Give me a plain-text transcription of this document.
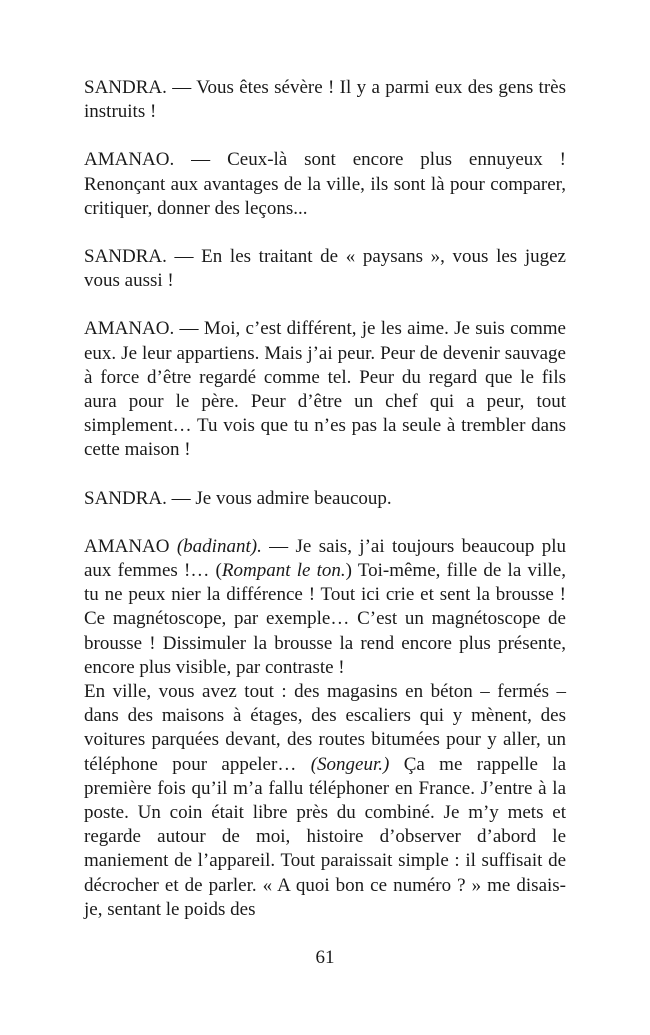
SANDRA. — Vous êtes sévère ! Il y a parmi eux des gens très instruits !

AMANAO. — Ceux-là sont encore plus ennuyeux ! Renonçant aux avantages de la ville, ils sont là pour comparer, critiquer, donner des leçons...

SANDRA. — En les traitant de « paysans », vous les jugez vous aussi !

AMANAO. — Moi, c’est différent, je les aime. Je suis comme eux. Je leur appartiens. Mais j’ai peur. Peur de devenir sauvage à force d’être regardé comme tel. Peur du regard que le fils aura pour le père. Peur d’être un chef qui a peur, tout simplement… Tu vois que tu n’es pas la seule à trembler dans cette maison !

SANDRA. — Je vous admire beaucoup.

AMANAO (badinant). — Je sais, j’ai toujours beaucoup plu aux femmes !… (Rompant le ton.) Toi-même, fille de la ville, tu ne peux nier la différence ! Tout ici crie et sent la brousse ! Ce magnétoscope, par exemple… C’est un magnétoscope de brousse ! Dissimuler la brousse la rend encore plus présente, encore plus visible, par contraste !

En ville, vous avez tout : des magasins en béton – fermés – dans des maisons à étages, des escaliers qui y mènent, des voitures parquées devant, des routes bitumées pour y aller, un téléphone pour appeler… (Songeur.) Ça me rappelle la première fois qu’il m’a fallu téléphoner en France. J’entre à la poste. Un coin était libre près du combiné. Je m’y mets et regarde autour de moi, histoire d’observer d’abord le maniement de l’appareil. Tout paraissait simple : il suffisait de décrocher et de parler. « A quoi bon ce numéro ? » me disais-je, sentant le poids des

61
